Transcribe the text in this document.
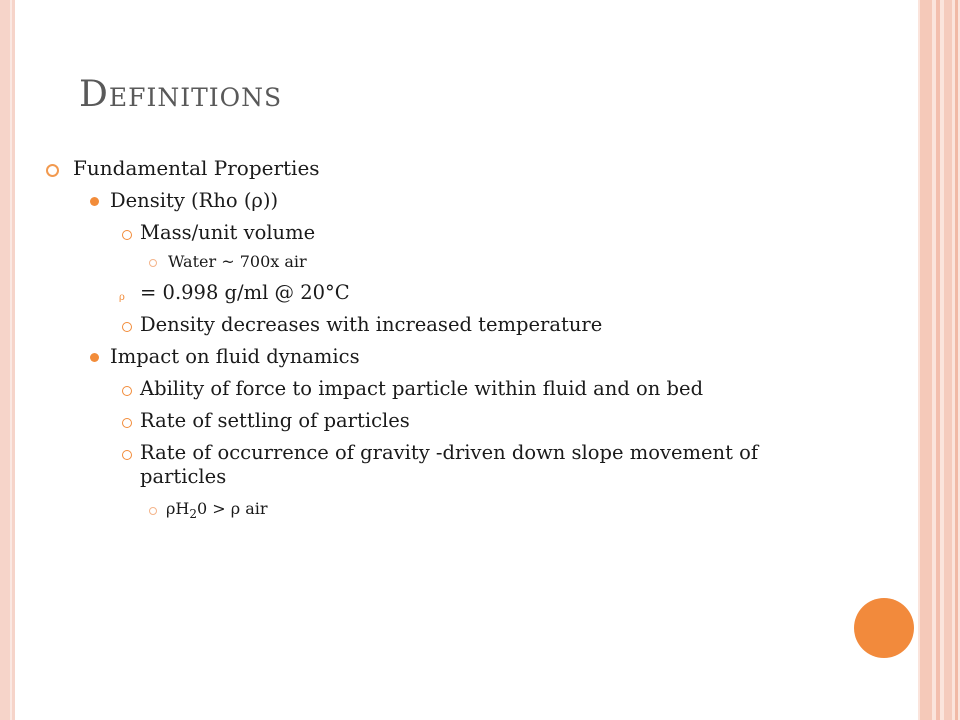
Definitions
Fundamental Properties
Density (Rho (ρ))
Mass/unit volume
Water ~ 700x air
ρ = 0.998 g/ml @ 20°C
Density decreases with increased temperature
Impact on fluid dynamics
Ability of force to impact particle within fluid and on bed
Rate of settling of particles
Rate of occurrence of gravity -driven down slope movement of
particles
$\rho H_20 > \rho$ air
